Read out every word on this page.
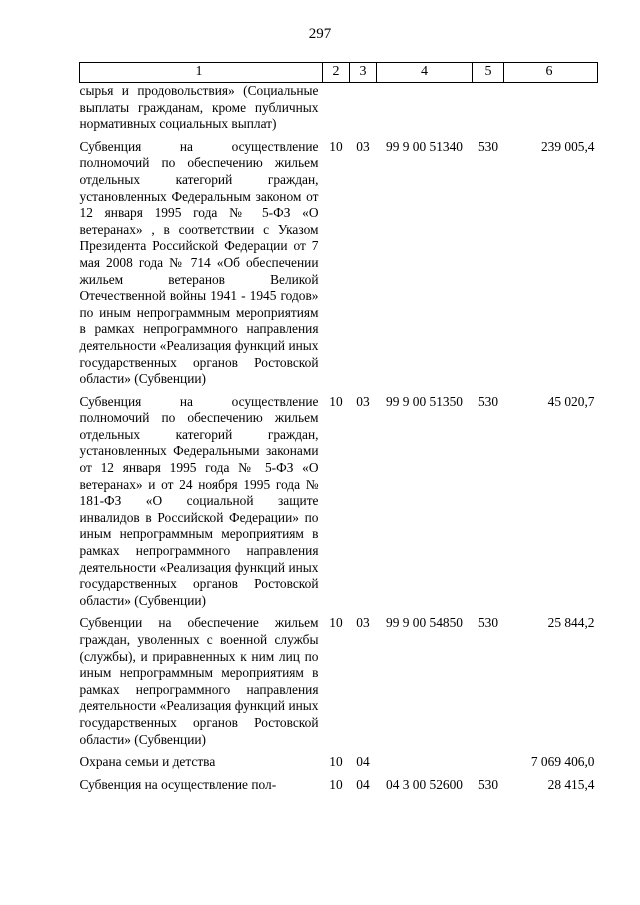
297
1	2	3	4	5	6
сырья и продовольствия» (Социальные выплаты гражданам, кроме публичных нормативных социальных выплат)					
Субвенция на осуществление полномочий по обеспечению жильем отдельных категорий граждан, установленных Федеральным законом от 12 января 1995 года № 5-ФЗ «О ветеранах» , в соответствии с Указом Президента Российской Федерации от 7 мая 2008 года № 714 «Об обеспечении жильем ветеранов Великой Отечественной войны 1941 - 1945 годов» по иным непрограммным мероприятиям в рамках непрограммного направления деятельности «Реализация функций иных государственных органов Ростовской области» (Субвенции)	10	03	99 9 00 51340	530	239 005,4
Субвенция на осуществление полномочий по обеспечению жильем отдельных категорий граждан, установленных Федеральными законами от 12 января 1995 года № 5-ФЗ «О ветеранах» и от 24 ноября 1995 года № 181-ФЗ «О социальной защите инвалидов в Российской Федерации» по иным непрограммным мероприятиям в рамках непрограммного направления деятельности «Реализация функций иных государственных органов Ростовской области» (Субвенции)	10	03	99 9 00 51350	530	45 020,7
Субвенции на обеспечение жильем граждан, уволенных с военной службы (службы), и приравненных к ним лиц по иным непрограммным мероприятиям в рамках непрограммного направления деятельности «Реализация функций иных государственных органов Ростовской области» (Субвенции)	10	03	99 9 00 54850	530	25 844,2
Охрана семьи и детства	10	04			7 069 406,0
Субвенция на осуществление пол-	10	04	04 3 00 52600	530	28 415,4
